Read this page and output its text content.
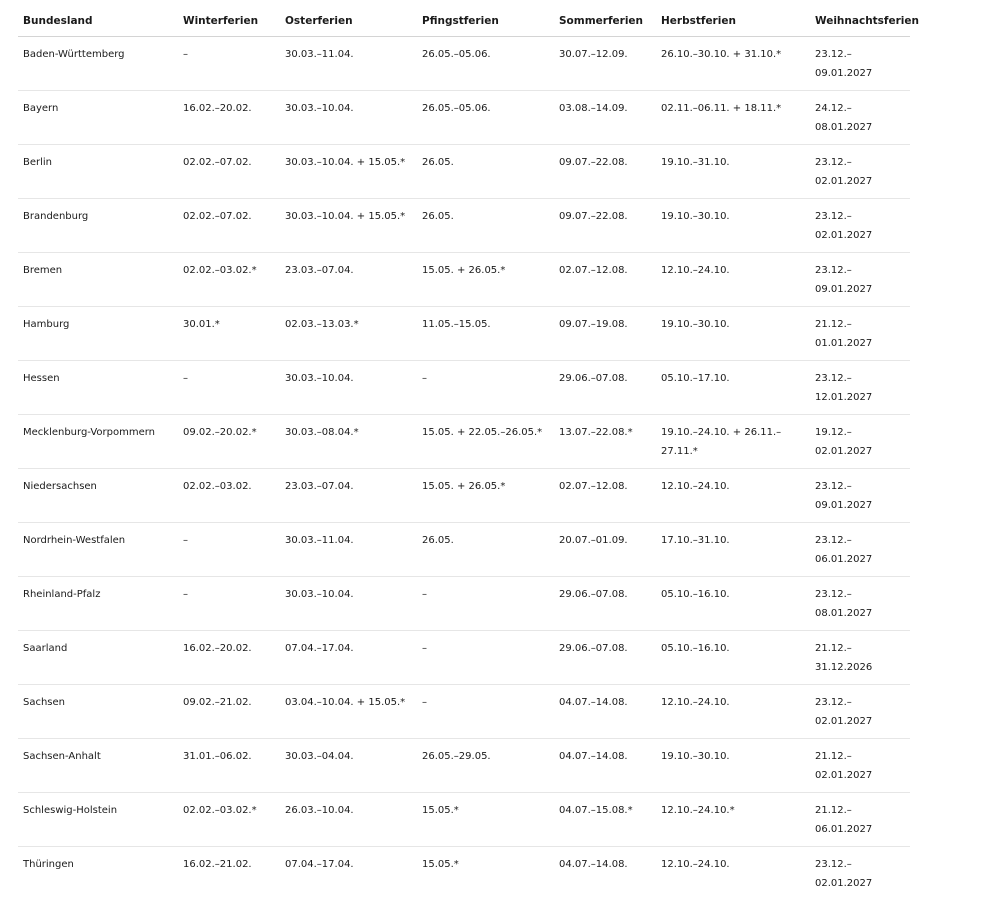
Bundesland	Winterferien	Osterferien	Pfingstferien	Sommerferien	Herbstferien	Weihnachtsferien
Baden-Württemberg	–	30.03.–11.04.	26.05.–05.06.	30.07.–12.09.	26.10.–30.10. + 31.10.*	23.12.–09.01.2027
Bayern	16.02.–20.02.	30.03.–10.04.	26.05.–05.06.	03.08.–14.09.	02.11.–06.11. + 18.11.*	24.12.–08.01.2027
Berlin	02.02.–07.02.	30.03.–10.04. + 15.05.*	26.05.	09.07.–22.08.	19.10.–31.10.	23.12.–02.01.2027
Brandenburg	02.02.–07.02.	30.03.–10.04. + 15.05.*	26.05.	09.07.–22.08.	19.10.–30.10.	23.12.–02.01.2027
Bremen	02.02.–03.02.*	23.03.–07.04.	15.05. + 26.05.*	02.07.–12.08.	12.10.–24.10.	23.12.–09.01.2027
Hamburg	30.01.*	02.03.–13.03.*	11.05.–15.05.	09.07.–19.08.	19.10.–30.10.	21.12.–01.01.2027
Hessen	–	30.03.–10.04.	–	29.06.–07.08.	05.10.–17.10.	23.12.–12.01.2027
Mecklenburg-Vorpommern	09.02.–20.02.*	30.03.–08.04.*	15.05. + 22.05.–26.05.*	13.07.–22.08.*	19.10.–24.10. + 26.11.–27.11.*	19.12.–02.01.2027
Niedersachsen	02.02.–03.02.	23.03.–07.04.	15.05. + 26.05.*	02.07.–12.08.	12.10.–24.10.	23.12.–09.01.2027
Nordrhein-Westfalen	–	30.03.–11.04.	26.05.	20.07.–01.09.	17.10.–31.10.	23.12.–06.01.2027
Rheinland-Pfalz	–	30.03.–10.04.	–	29.06.–07.08.	05.10.–16.10.	23.12.–08.01.2027
Saarland	16.02.–20.02.	07.04.–17.04.	–	29.06.–07.08.	05.10.–16.10.	21.12.–31.12.2026
Sachsen	09.02.–21.02.	03.04.–10.04. + 15.05.*	–	04.07.–14.08.	12.10.–24.10.	23.12.–02.01.2027
Sachsen-Anhalt	31.01.–06.02.	30.03.–04.04.	26.05.–29.05.	04.07.–14.08.	19.10.–30.10.	21.12.–02.01.2027
Schleswig-Holstein	02.02.–03.02.*	26.03.–10.04.	15.05.*	04.07.–15.08.*	12.10.–24.10.*	21.12.–06.01.2027
Thüringen	16.02.–21.02.	07.04.–17.04.	15.05.*	04.07.–14.08.	12.10.–24.10.	23.12.–02.01.2027
